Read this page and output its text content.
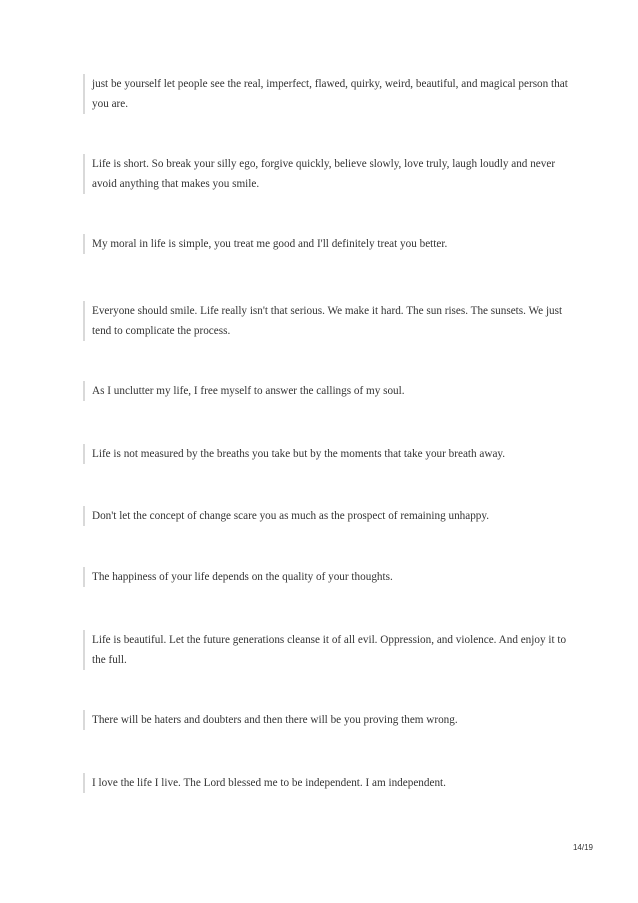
just be yourself let people see the real, imperfect, flawed, quirky, weird, beautiful, and magical person that you are.

Life is short. So break your silly ego, forgive quickly, believe slowly, love truly, laugh loudly and never avoid anything that makes you smile.

My moral in life is simple, you treat me good and I'll definitely treat you better.

Everyone should smile. Life really isn't that serious. We make it hard. The sun rises. The sunsets. We just tend to complicate the process.

As I unclutter my life, I free myself to answer the callings of my soul.

Life is not measured by the breaths you take but by the moments that take your breath away.

Don't let the concept of change scare you as much as the prospect of remaining unhappy.

The happiness of your life depends on the quality of your thoughts.

Life is beautiful. Let the future generations cleanse it of all evil. Oppression, and violence. And enjoy it to the full.

There will be haters and doubters and then there will be you proving them wrong.

I love the life I live. The Lord blessed me to be independent. I am independent.

14/19
